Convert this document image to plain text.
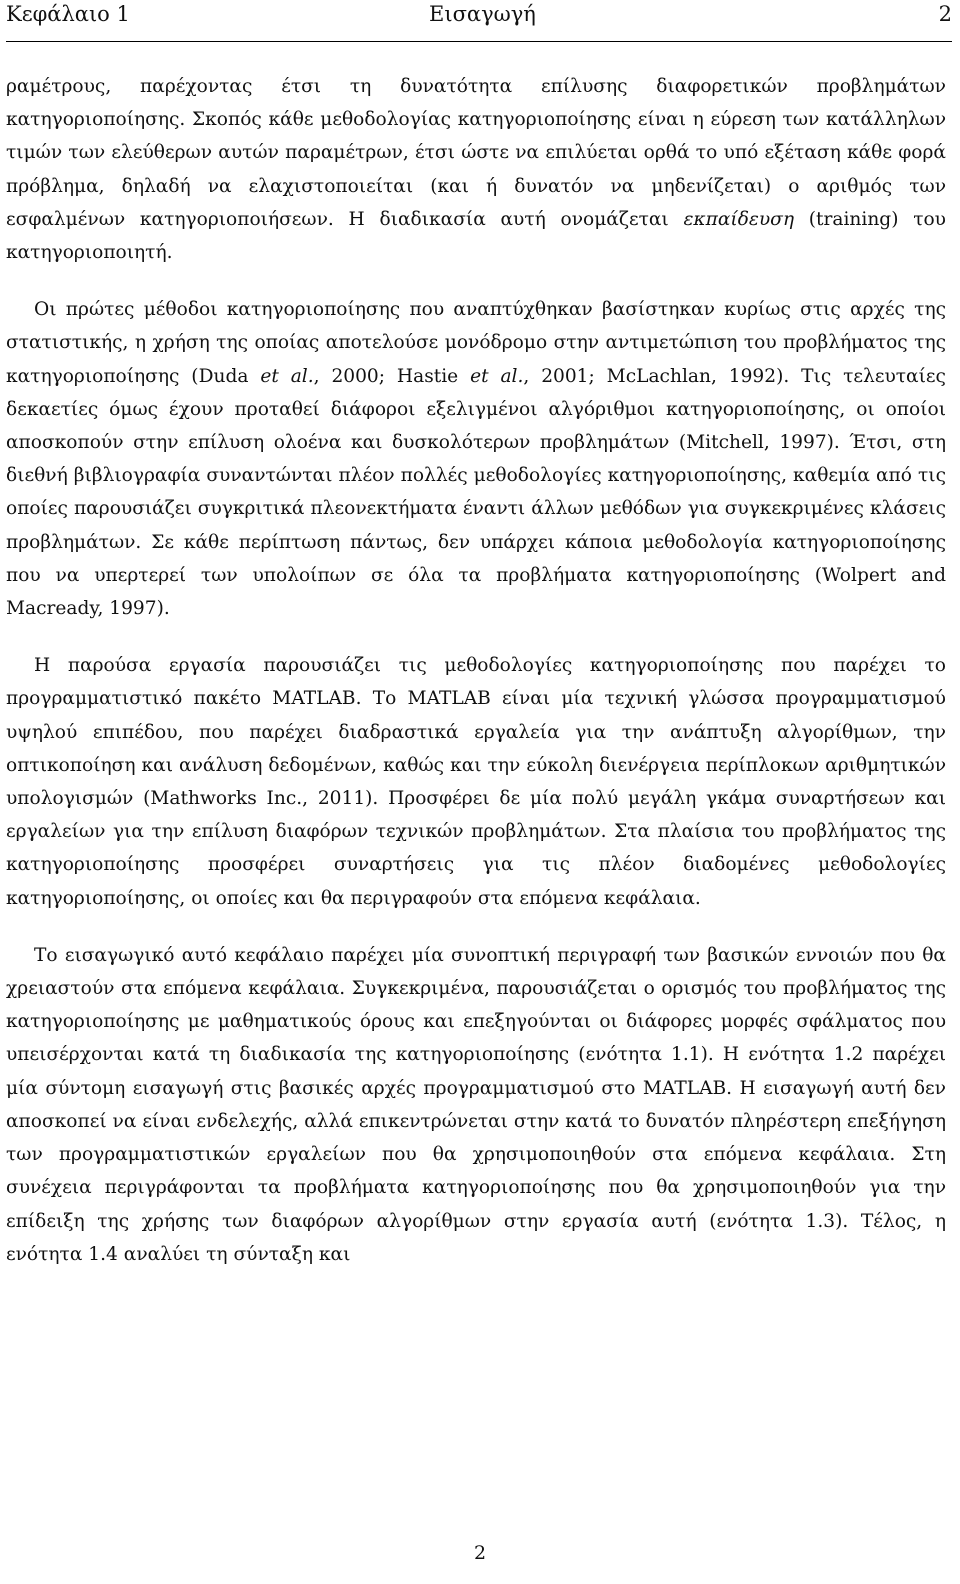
Κεφάλαιο 1	Εισαγωγή	2

ραμέτρους, παρέχοντας έτσι τη δυνατότητα επίλυσης διαφορετικών προβλημάτων κατηγοριοποίησης. Σκοπός κάθε μεθοδολογίας κατηγοριοποίησης είναι η εύρεση των κατάλληλων τιμών των ελεύθερων αυτών παραμέτρων, έτσι ώστε να επιλύεται ορθά το υπό εξέταση κάθε φορά πρόβλημα, δηλαδή να ελαχιστοποιείται (και ή δυνατόν να μηδενίζεται) ο αριθμός των εσφαλμένων κατηγοριοποιήσεων. Η διαδικασία αυτή ονομάζεται εκπαίδευση (training) του κατηγοριοποιητή.

Οι πρώτες μέθοδοι κατηγοριοποίησης που αναπτύχθηκαν βασίστηκαν κυρίως στις αρχές της στατιστικής, η χρήση της οποίας αποτελούσε μονόδρομο στην αντιμετώπιση του προβλήματος της κατηγοριοποίησης (Duda et al., 2000; Hastie et al., 2001; McLachlan, 1992). Τις τελευταίες δεκαετίες όμως έχουν προταθεί διάφοροι εξελιγμένοι αλγόριθμοι κατηγοριοποίησης, οι οποίοι αποσκοπούν στην επίλυση ολοένα και δυσκολότερων προβλημάτων (Mitchell, 1997). Έτσι, στη διεθνή βιβλιογραφία συναντώνται πλέον πολλές μεθοδολογίες κατηγοριοποίησης, καθεμία από τις οποίες παρουσιάζει συγκριτικά πλεονεκτήματα έναντι άλλων μεθόδων για συγκεκριμένες κλάσεις προβλημάτων. Σε κάθε περίπτωση πάντως, δεν υπάρχει κάποια μεθοδολογία κατηγοριοποίησης που να υπερτερεί των υπολοίπων σε όλα τα προβλήματα κατηγοριοποίησης (Wolpert and Macready, 1997).

Η παρούσα εργασία παρουσιάζει τις μεθοδολογίες κατηγοριοποίησης που παρέχει το προγραμματιστικό πακέτο MATLAB. Το MATLAB είναι μία τεχνική γλώσσα προγραμματισμού υψηλού επιπέδου, που παρέχει διαδραστικά εργαλεία για την ανάπτυξη αλγορίθμων, την οπτικοποίηση και ανάλυση δεδομένων, καθώς και την εύκολη διενέργεια περίπλοκων αριθμητικών υπολογισμών (Mathworks Inc., 2011). Προσφέρει δε μία πολύ μεγάλη γκάμα συναρτήσεων και εργαλείων για την επίλυση διαφόρων τεχνικών προβλημάτων. Στα πλαίσια του προβλήματος της κατηγοριοποίησης προσφέρει συναρτήσεις για τις πλέον διαδομένες μεθοδολογίες κατηγοριοποίησης, οι οποίες και θα περιγραφούν στα επόμενα κεφάλαια.

Το εισαγωγικό αυτό κεφάλαιο παρέχει μία συνοπτική περιγραφή των βασικών εννοιών που θα χρειαστούν στα επόμενα κεφάλαια. Συγκεκριμένα, παρουσιάζεται ο ορισμός του προβλήματος της κατηγοριοποίησης με μαθηματικούς όρους και επεξηγούνται οι διάφορες μορφές σφάλματος που υπεισέρχονται κατά τη διαδικασία της κατηγοριοποίησης (ενότητα 1.1). Η ενότητα 1.2 παρέχει μία σύντομη εισαγωγή στις βασικές αρχές προγραμματισμού στο MATLAB. Η εισαγωγή αυτή δεν αποσκοπεί να είναι ενδελεχής, αλλά επικεντρώνεται στην κατά το δυνατόν πληρέστερη επεξήγηση των προγραμματιστικών εργαλείων που θα χρησιμοποιηθούν στα επόμενα κεφάλαια. Στη συνέχεια περιγράφονται τα προβλήματα κατηγοριοποίησης που θα χρησιμοποιηθούν για την επίδειξη της χρήσης των διαφόρων αλγορίθμων στην εργασία αυτή (ενότητα 1.3). Τέλος, η ενότητα 1.4 αναλύει τη σύνταξη και

2
